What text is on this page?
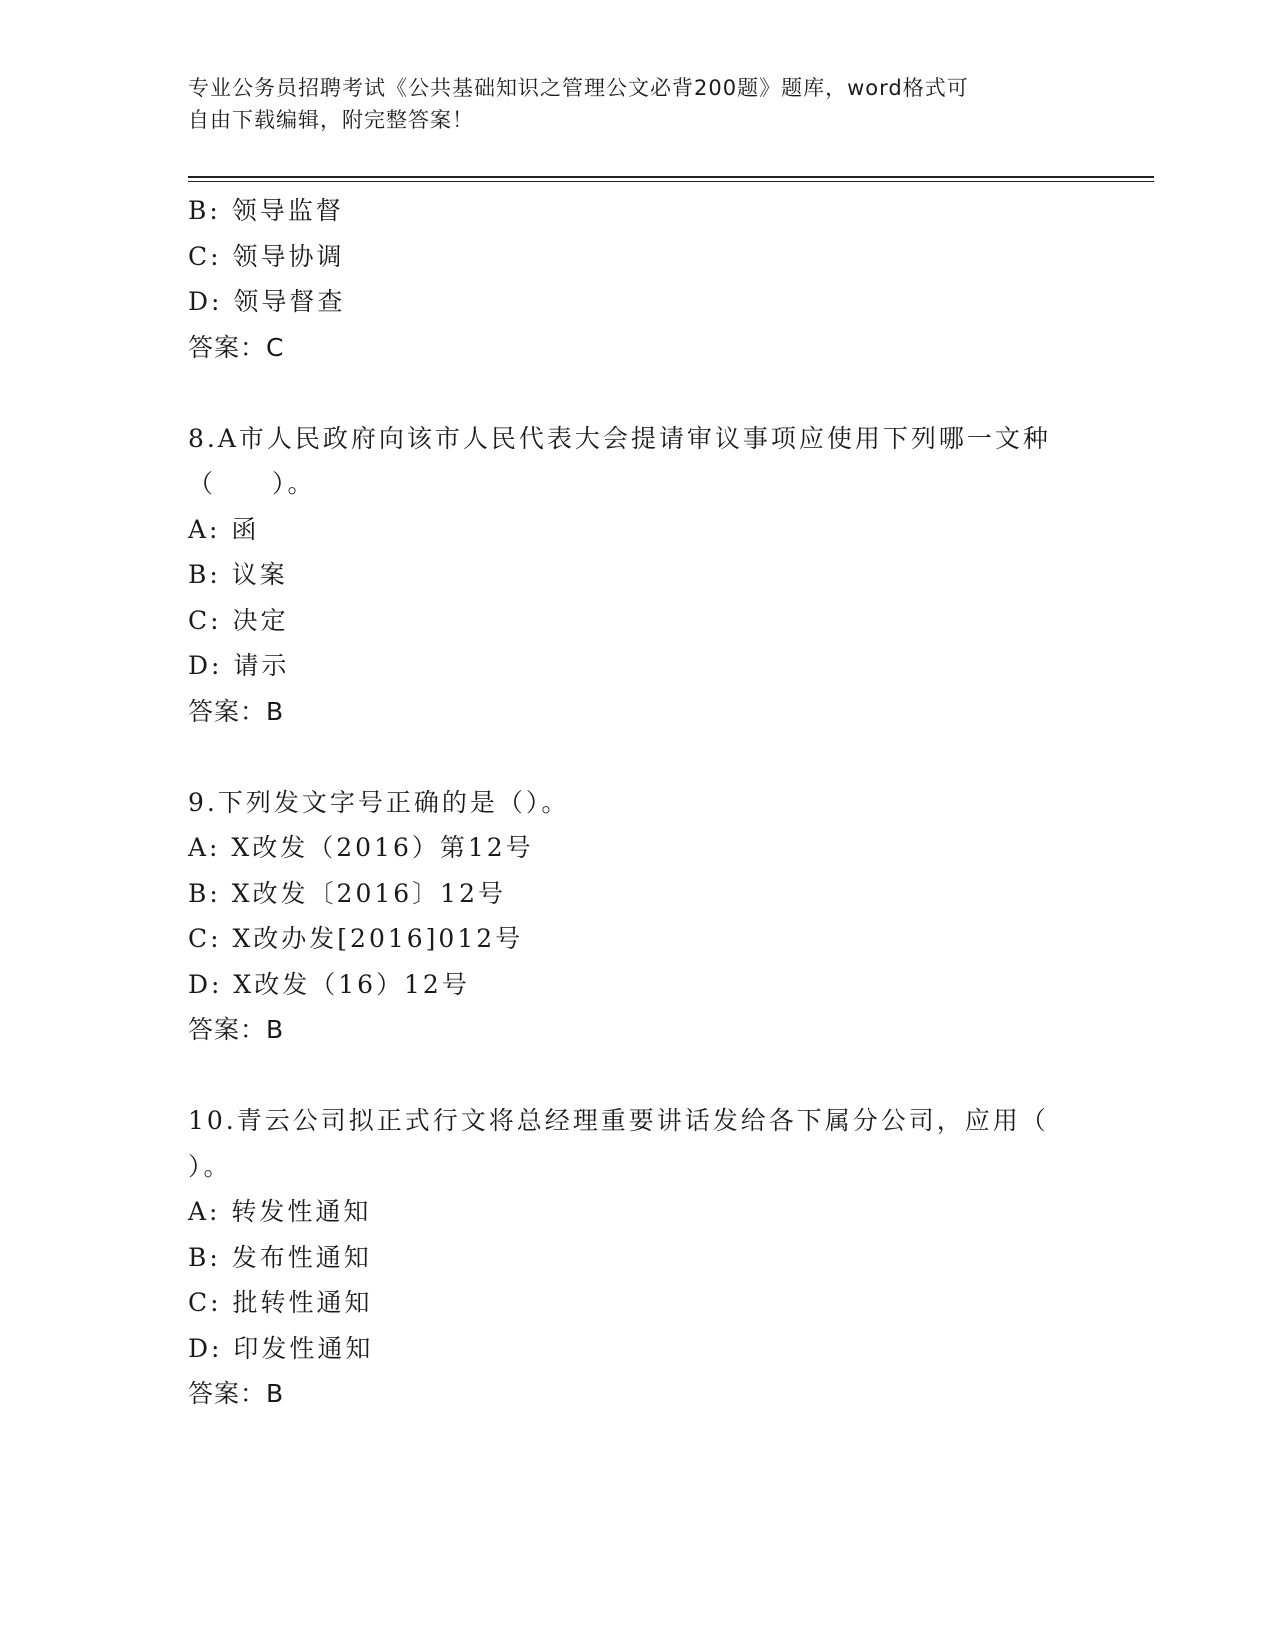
专业公务员招聘考试《公共基础知识之管理公文必背200题》题库，word格式可
自由下载编辑，附完整答案！
B: 领导监督
C: 领导协调
D: 领导督查
答案：C
8.A市人民政府向该市人民代表大会提请审议事项应使用下列哪一文种
（　　）。
A: 函
B: 议案
C: 决定
D: 请示
答案：B
9.下列发文字号正确的是（）。
A: X改发（2016）第12号
B: X改发〔2016〕12号
C: X改办发[2016]012号
D: X改发（16）12号
答案：B
10.青云公司拟正式行文将总经理重要讲话发给各下属分公司，应用（
）。
A: 转发性通知
B: 发布性通知
C: 批转性通知
D: 印发性通知
答案：B
